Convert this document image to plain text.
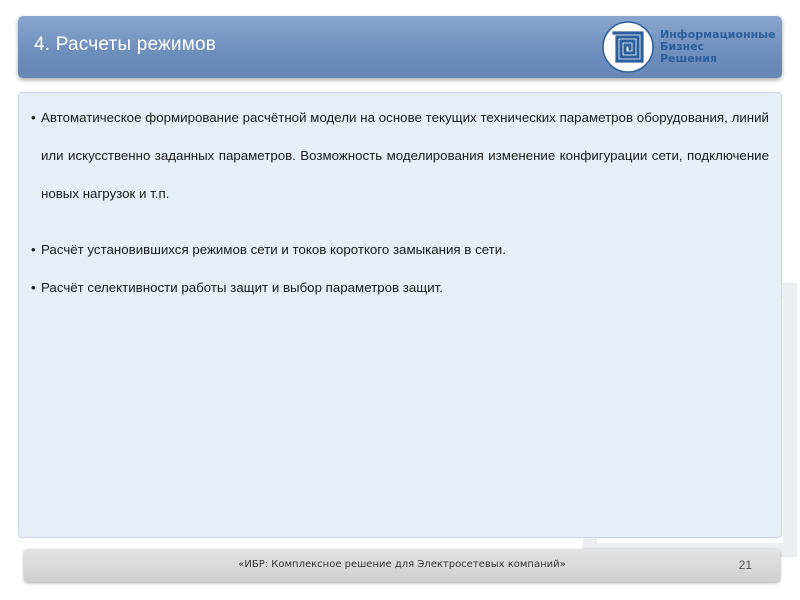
4. Расчеты режимов	Информационные
Бизнес
Решения

• Автоматическое формирование расчётной модели на основе текущих технических параметров оборудования, линий или искусственно заданных параметров. Возможность моделирования изменение конфигурации сети, подключение новых нагрузок и т.п.

• Расчёт установившихся режимов сети и токов короткого замыкания в сети.

• Расчёт селективности работы защит и выбор параметров защит.

«ИБР: Комплексное решение для Электросетевых компаний»	21
